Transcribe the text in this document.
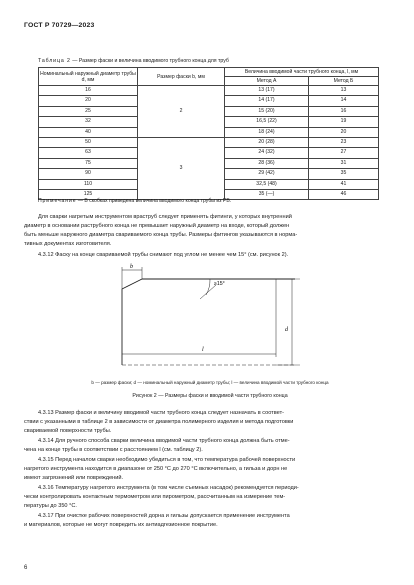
ГОСТ Р 70729—2023
Таблица 2 — Размер фаски и величина вводимого трубного конца для труб
Номинальный наружный диаметр трубы d, мм	Размер фаски b, мм	Величина вводимой части трубного конца, l, мм	
		Метод А	Метод Б
16	2	13 (17)	13
20		14 (17)	14
25		15 (20)	16
32		16,5 (22)	19
40		18 (24)	20
50	3	20 (28)	23
63		24 (32)	27
75		28 (36)	31
90		29 (42)	35
110		32,5 (48)	41
125		35 (—)	46
Примечание — В скобках приведена величина вводимого конца трубы из PB.
Для сварки нагретым инструментом враструб следует применять фитинги, у которых внутренний
диаметр в основании раструбного конца не превышает наружный диаметр на входе, который должен
быть меньше наружного диаметра свариваемого конца трубы. Размеры фитингов указываются в норма-
тивных документах изготовителя.
4.3.12 Фаску на конце свариваемой трубы снимают под углом не менее чем 15° (см. рисунок 2).
b
≥15°
d
l
b — размер фаски; d — номинальный наружный диаметр трубы; l — величина вводимой части трубного конца
Рисунок 2 — Размеры фаски и вводимой части трубного конца
4.3.13 Размер фаски и величину вводимой части трубного конца следует назначать в соответ-
ствии с указанными в таблице 2 в зависимости от диаметра полимерного изделия и метода подготовки
свариваемой поверхности трубы.
4.3.14 Для ручного способа сварки величина вводимой части трубного конца должна быть отме-
чена на конце трубы в соответствии с расстоянием l (см. таблицу 2).
4.3.15 Перед началом сварки необходимо убедиться в том, что температура рабочей поверхности
нагретого инструмента находится в диапазоне от 250 °С до 270 °С включительно, а гильза и дорн не
имеют загрязнений или повреждений.
4.3.16 Температуру нагретого инструмента (в том числе съемных насадок) рекомендуется периоди-
чески контролировать контактным термометром или пирометром, рассчитанным на измерение тем-
пературы до 350 °С.
4.3.17 При очистке рабочих поверхностей дорна и гильзы допускается применение инструмента
и материалов, которые не могут повредить их антиадгезионное покрытие.
6
